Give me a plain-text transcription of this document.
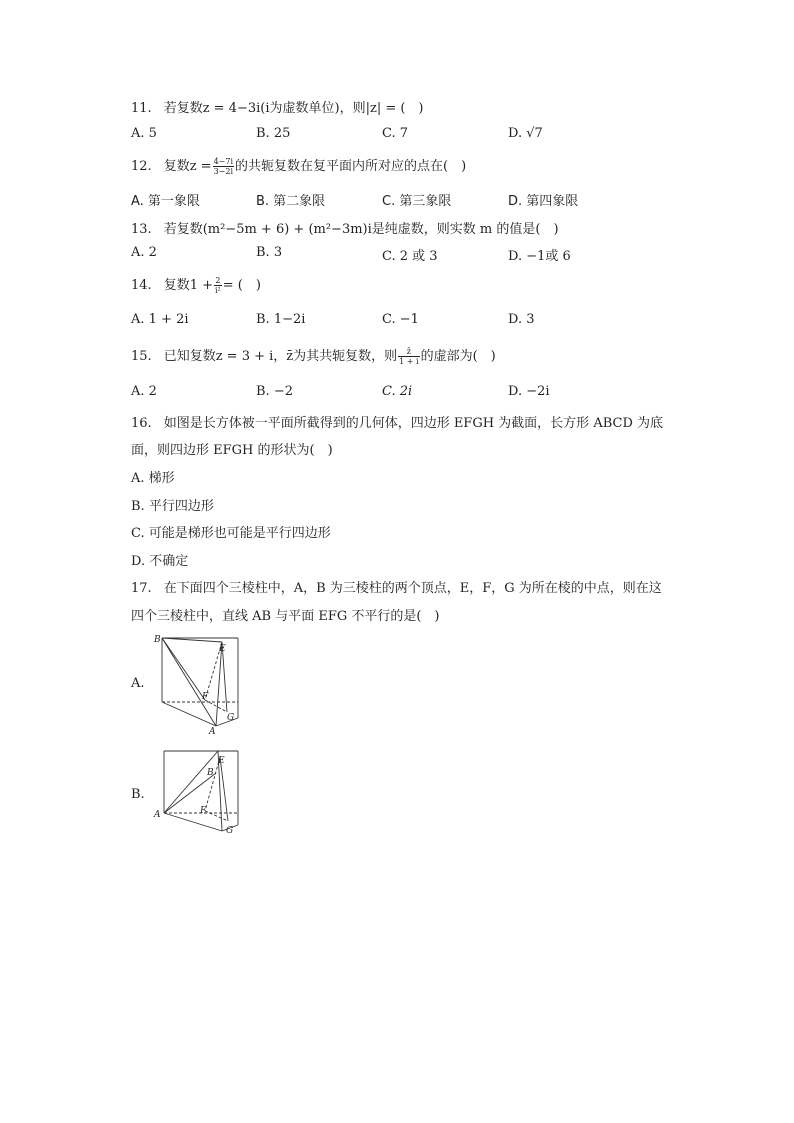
11. 若复数z = 4−3i(i为虚数单位)，则|z| = (　)
A. 5	B. 25	C. 7	D. √7
12. 复数$z = \frac{4-7i}{3-2i}$ 的共轭复数在复平面内所对应的点在(　)
A. 第一象限	B. 第二象限	C. 第三象限	D. 第四象限
13. 若复数(m²−5m + 6) + (m²−3m)i是纯虚数，则实数 m 的值是(　)
A. 2	B. 3	C. 2 或 3	D. −1或 6
14. 复数$1 + \frac{2}{\text{i²}}$ = (　)
A. 1 + 2i	B. 1−2i	C. −1	D. 3
15. 已知复数z = 3 + i，z̄为其共轭复数，则 $\frac{z̄}{1 + i}$ 的虚部为(　)
A. 2	B. −2	C. 2i	D. −2i
16. 如图是长方体被一平面所截得到的几何体，四边形 EFGH 为截面，长方形 ABCD 为底
面，则四边形 EFGH 的形状为(　)
A. 梯形
B. 平行四边形
C. 可能是梯形也可能是平行四边形
D. 不确定
17. 在下面四个三棱柱中，A，B 为三棱柱的两个顶点，E，F，G 为所在棱的中点，则在这
四个三棱柱中，直线 AB 与平面 EFG 不平行的是(　)
A.
B
E
F
G
A
B.
E
B
F
A
G
